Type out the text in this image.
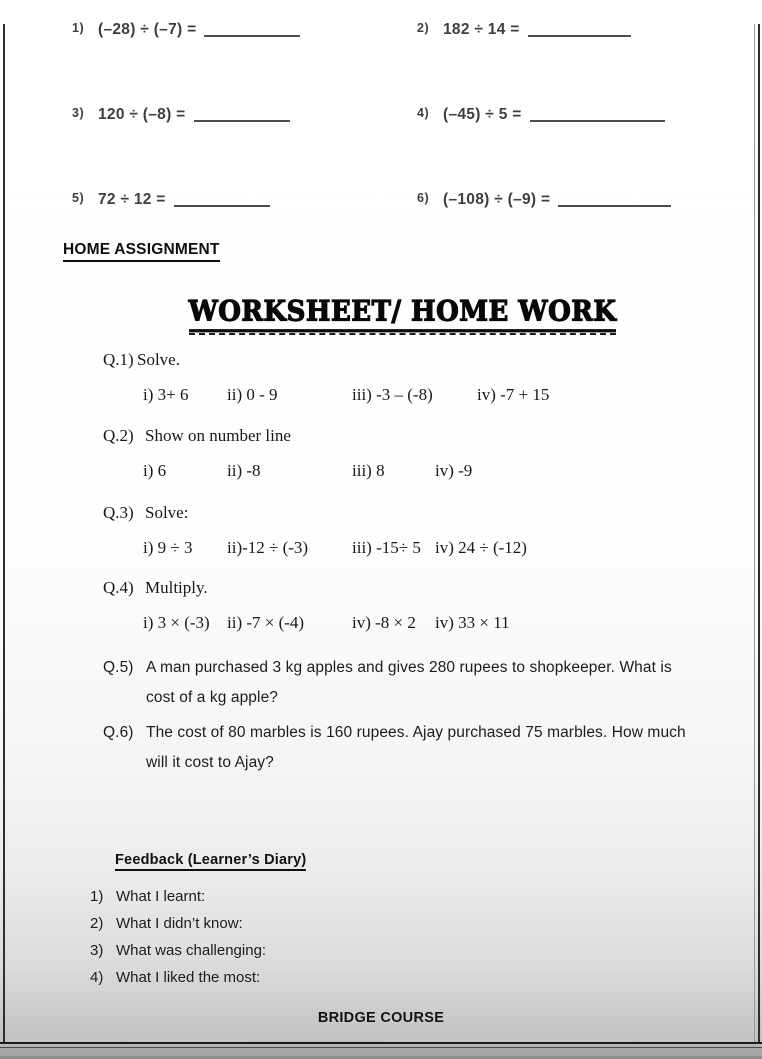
1) (–28) ÷ (–7) =	2) 182 ÷ 14 =
3) 120 ÷ (–8) =	4) (–45) ÷ 5 =
5) 72 ÷ 12 =	6) (–108) ÷ (–9) =
HOME ASSIGNMENT
WORKSHEET/ HOME WORK
Q.1) Solve.
i) 3+ 6 ii) 0 - 9	iii) -3 – (-8)	iv) -7 + 15
Q.2) Show on number line
i) 6	ii) -8	iii) 8	iv) -9
Q.3) Solve:
i) 9 ÷ 3 ii)-12 ÷ (-3)	iii) -15÷ 5 iv) 24 ÷ (-12)
Q.4) Multiply.
i) 3 × (-3) ii) -7 × (-4)	iv) -8 × 2 iv) 33 × 11
Q.5) A man purchased 3 kg apples and gives 280 rupees to shopkeeper. What is cost of a kg apple?
Q.6) The cost of 80 marbles is 160 rupees. Ajay purchased 75 marbles. How much will it cost to Ajay?
Feedback (Learner’s Diary)
1) What I learnt:
2) What I didn’t know:
3) What was challenging:
4) What I liked the most:
BRIDGE COURSE
